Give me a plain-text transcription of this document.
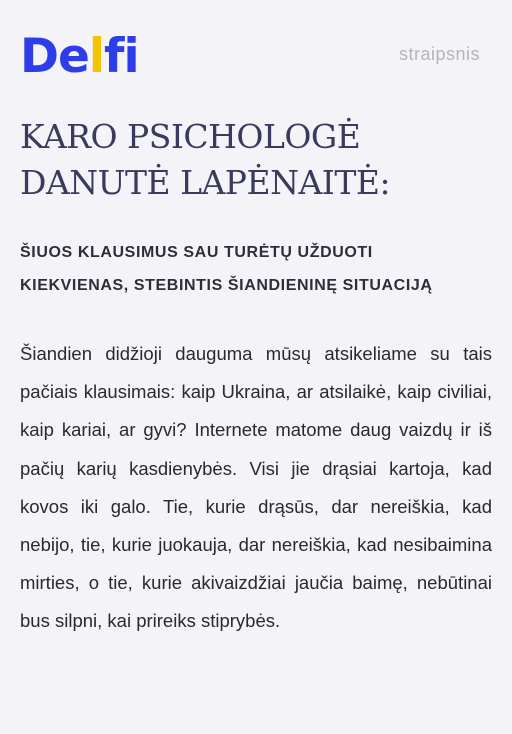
Delfi	straipsnis
KARO PSICHOLOGĖ
DANUTĖ LAPĖNAITĖ:
ŠIUOS KLAUSIMUS SAU TURĖTŲ UŽDUOTI
KIEKVIENAS, STEBINTIS ŠIANDIENINĘ SITUACIJĄ

Šiandien didžioji dauguma mūsų atsikeliame su tais pačiais klausimais: kaip Ukraina, ar atsilaikė, kaip civiliai, kaip kariai, ar gyvi? Internete matome daug vaizdų ir iš pačių karių kasdienybės. Visi jie drąsiai kartoja, kad kovos iki galo. Tie, kurie drąsūs, dar nereiškia, kad nebijo, tie, kurie juokauja, dar nereiškia, kad nesibaimina mirties, o tie, kurie akivaizdžiai jaučia baimę, nebūtinai bus silpni, kai prireiks stiprybės.
